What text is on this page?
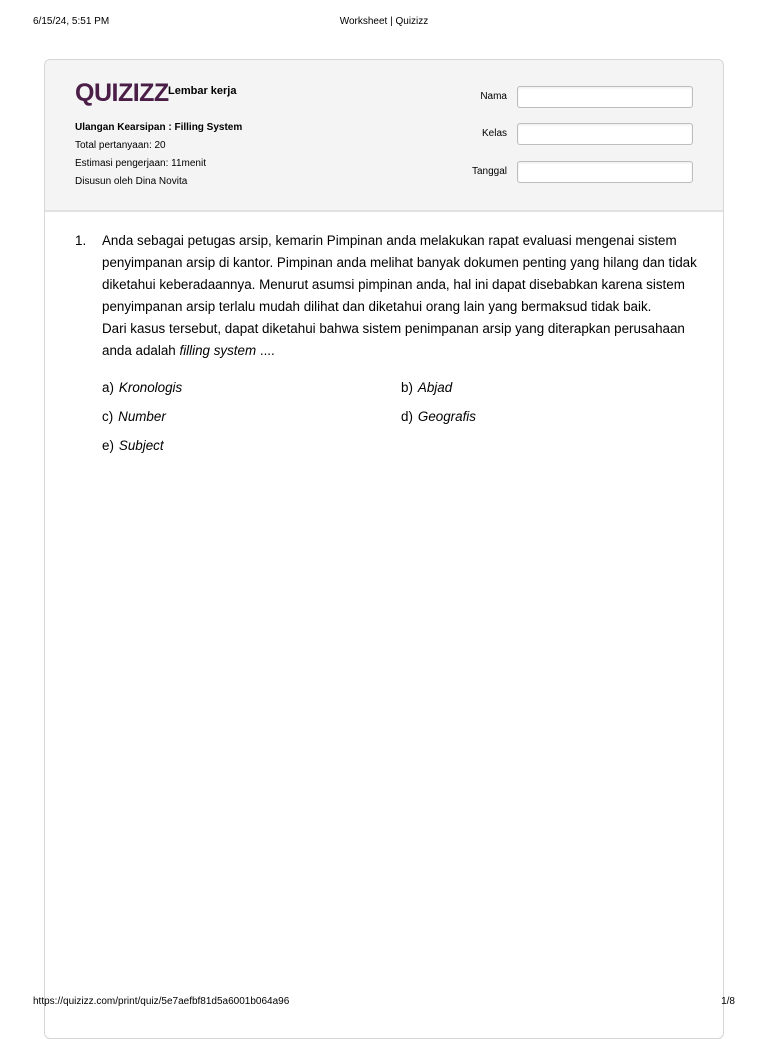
6/15/24, 5:51 PM	Worksheet | Quizizz
QUIZIZZ Lembar kerja
Ulangan Kearsipan : Filling System
Total pertanyaan: 20
Estimasi pengerjaan: 11menit
Disusun oleh Dina Novita
Nama
Kelas
Tanggal
1. Anda sebagai petugas arsip, kemarin Pimpinan anda melakukan rapat evaluasi mengenai sistem penyimpanan arsip di kantor. Pimpinan anda melihat banyak dokumen penting yang hilang dan tidak diketahui keberadaannya. Menurut asumsi pimpinan anda, hal ini dapat disebabkan karena sistem penyimpanan arsip terlalu mudah dilihat dan diketahui orang lain yang bermaksud tidak baik.
Dari kasus tersebut, dapat diketahui bahwa sistem penimpanan arsip yang diterapkan perusahaan anda adalah filling system ....
a) Kronologis	b) Abjad
c) Number	d) Geografis
e) Subject
https://quizizz.com/print/quiz/5e7aefbf81d5a6001b064a96	1/8
